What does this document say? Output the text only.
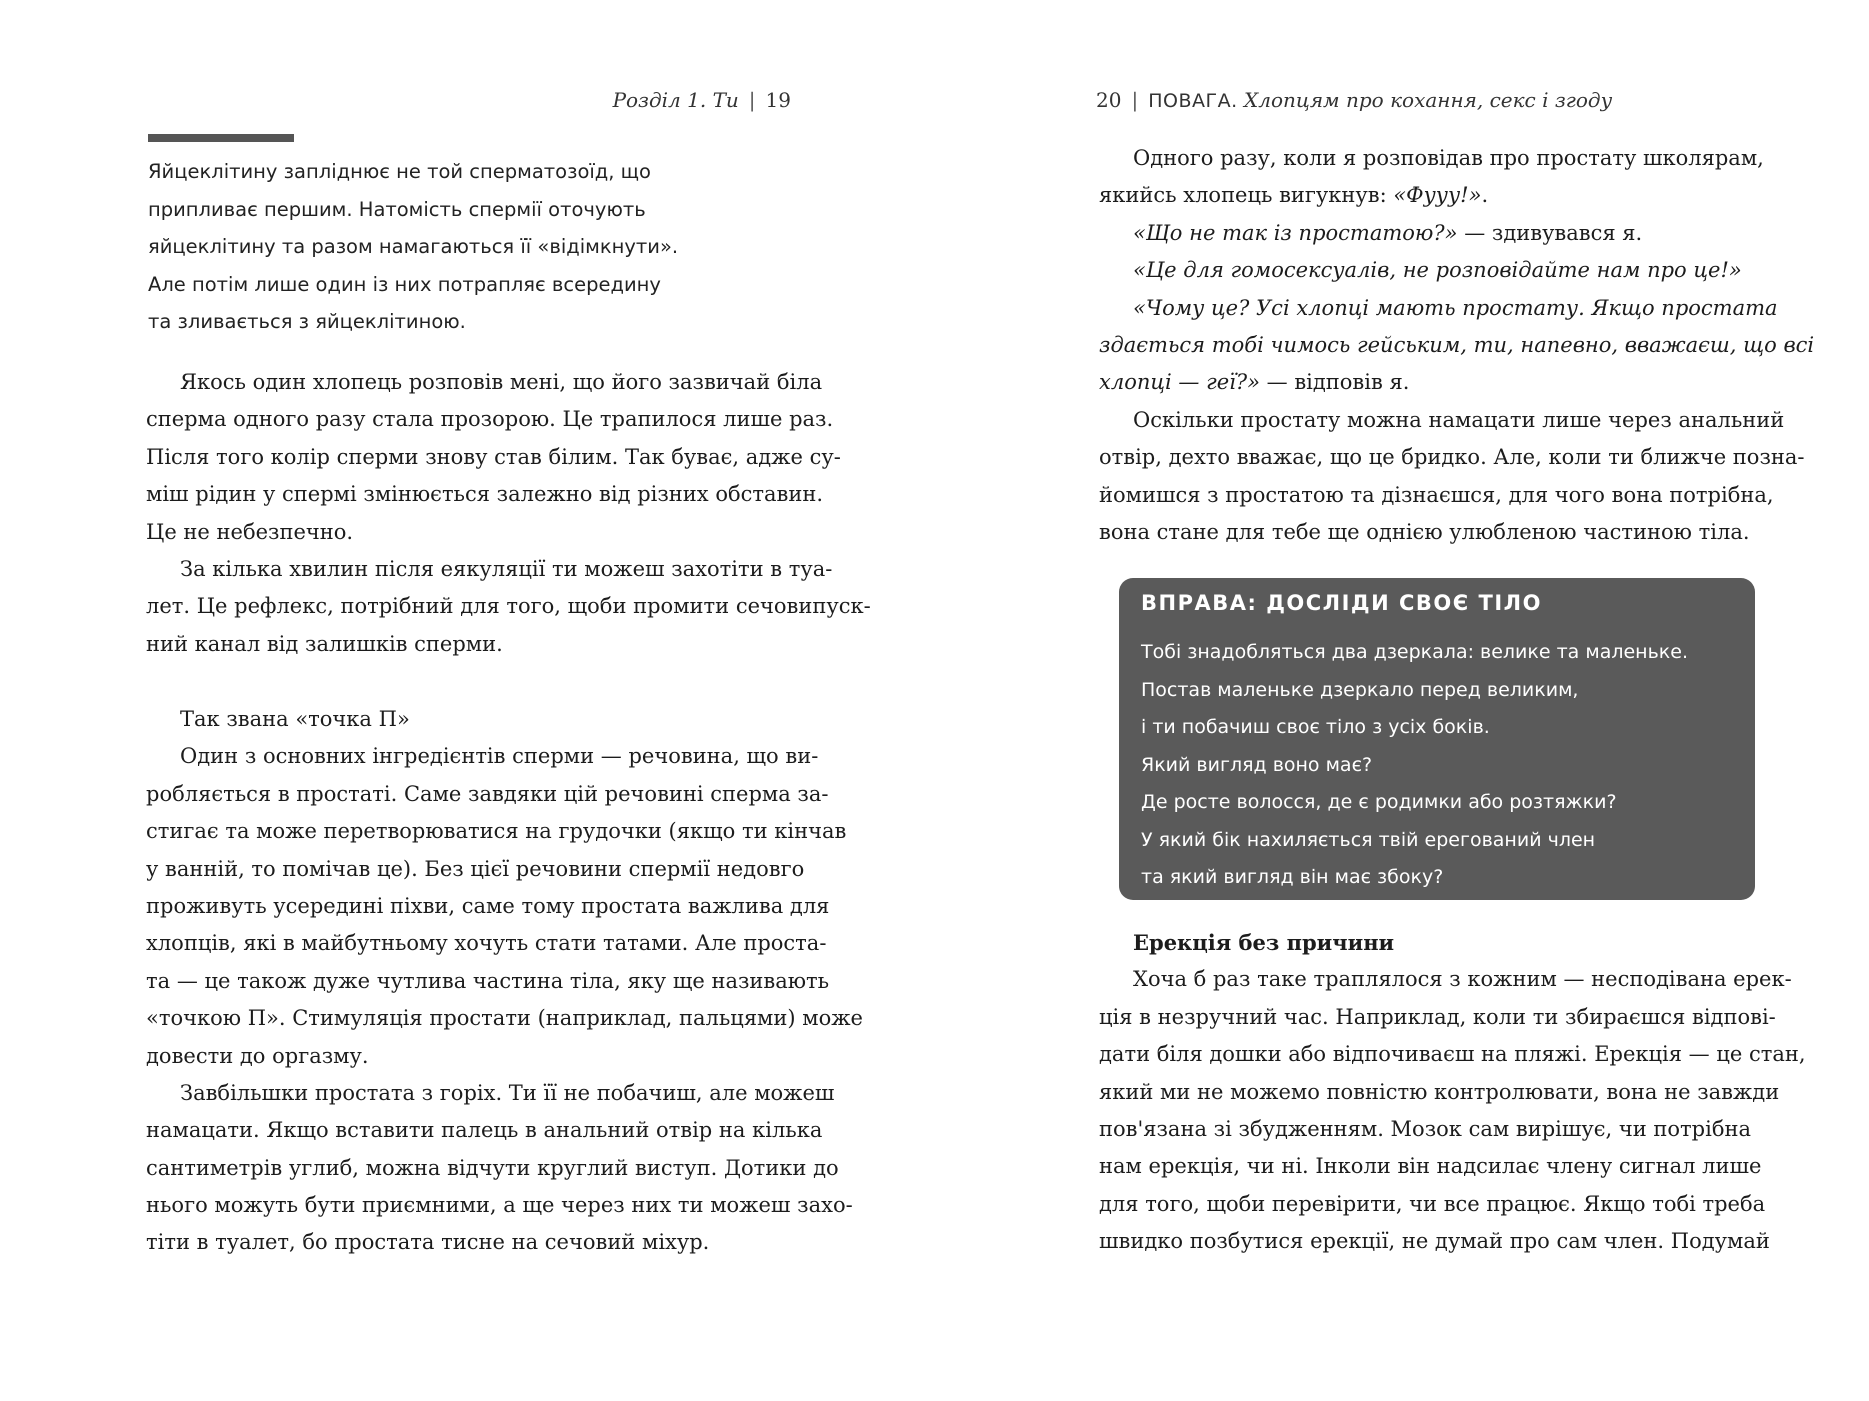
Розділ 1. Ти | 19
Яйцеклітину запліднює не той сперматозоїд, що
припливає першим. Натомість спермії оточують
яйцеклітину та разом намагаються її «відімкнути».
Але потім лише один із них потрапляє всередину
та зливається з яйцеклітиною.
Якось один хлопець розповів мені, що його зазвичай біла
сперма одного разу стала прозорою. Це трапилося лише раз.
Після того колір сперми знову став білим. Так буває, адже су-
міш рідин у спермі змінюється залежно від різних обставин.
Це не небезпечно.
За кілька хвилин після еякуляції ти можеш захотіти в туа-
лет. Це рефлекс, потрібний для того, щоби промити сечовипуск-
ний канал від залишків сперми.
Так звана «точка П»
Один з основних інгредієнтів сперми — речовина, що ви-
робляється в простаті. Саме завдяки цій речовині сперма за-
стигає та може перетворюватися на грудочки (якщо ти кінчав
у ванній, то помічав це). Без цієї речовини спермії недовго
проживуть усередині піхви, саме тому простата важлива для
хлопців, які в майбутньому хочуть стати татами. Але проста-
та — це також дуже чутлива частина тіла, яку ще називають
«точкою П». Стимуляція простати (наприклад, пальцями) може
довести до оргазму.
Завбільшки простата з горіх. Ти її не побачиш, але можеш
намацати. Якщо вставити палець в анальний отвір на кілька
сантиметрів углиб, можна відчути круглий виступ. Дотики до
нього можуть бути приємними, а ще через них ти можеш захо-
тіти в туалет, бо простата тисне на сечовий міхур.
20 | ПОВАГА. Хлопцям про кохання, секс і згоду
Одного разу, коли я розповідав про простату школярам,
якийсь хлопець вигукнув: «Фууу!».
«Що не так із простатою?» — здивувався я.
«Це для гомосексуалів, не розповідайте нам про це!»
«Чому це? Усі хлопці мають простату. Якщо простата
здається тобі чимось гейським, ти, напевно, вважаєш, що всі
хлопці — геї?» — відповів я.
Оскільки простату можна намацати лише через анальний
отвір, дехто вважає, що це бридко. Але, коли ти ближче позна-
йомишся з простатою та дізнаєшся, для чого вона потрібна,
вона стане для тебе ще однією улюбленою частиною тіла.
ВПРАВА: ДОСЛІДИ СВОЄ ТІЛО
Тобі знадобляться два дзеркала: велике та маленьке.
Постав маленьке дзеркало перед великим,
і ти побачиш своє тіло з усіх боків.
Який вигляд воно має?
Де росте волосся, де є родимки або розтяжки?
У який бік нахиляється твій ерегований член
та який вигляд він має збоку?
Ерекція без причини
Хоча б раз таке траплялося з кожним — несподівана ерек-
ція в незручний час. Наприклад, коли ти збираєшся відпові-
дати біля дошки або відпочиваєш на пляжі. Ерекція — це стан,
який ми не можемо повністю контролювати, вона не завжди
пов'язана зі збудженням. Мозок сам вирішує, чи потрібна
нам ерекція, чи ні. Інколи він надсилає члену сигнал лише
для того, щоби перевірити, чи все працює. Якщо тобі треба
швидко позбутися ерекції, не думай про сам член. Подумай
